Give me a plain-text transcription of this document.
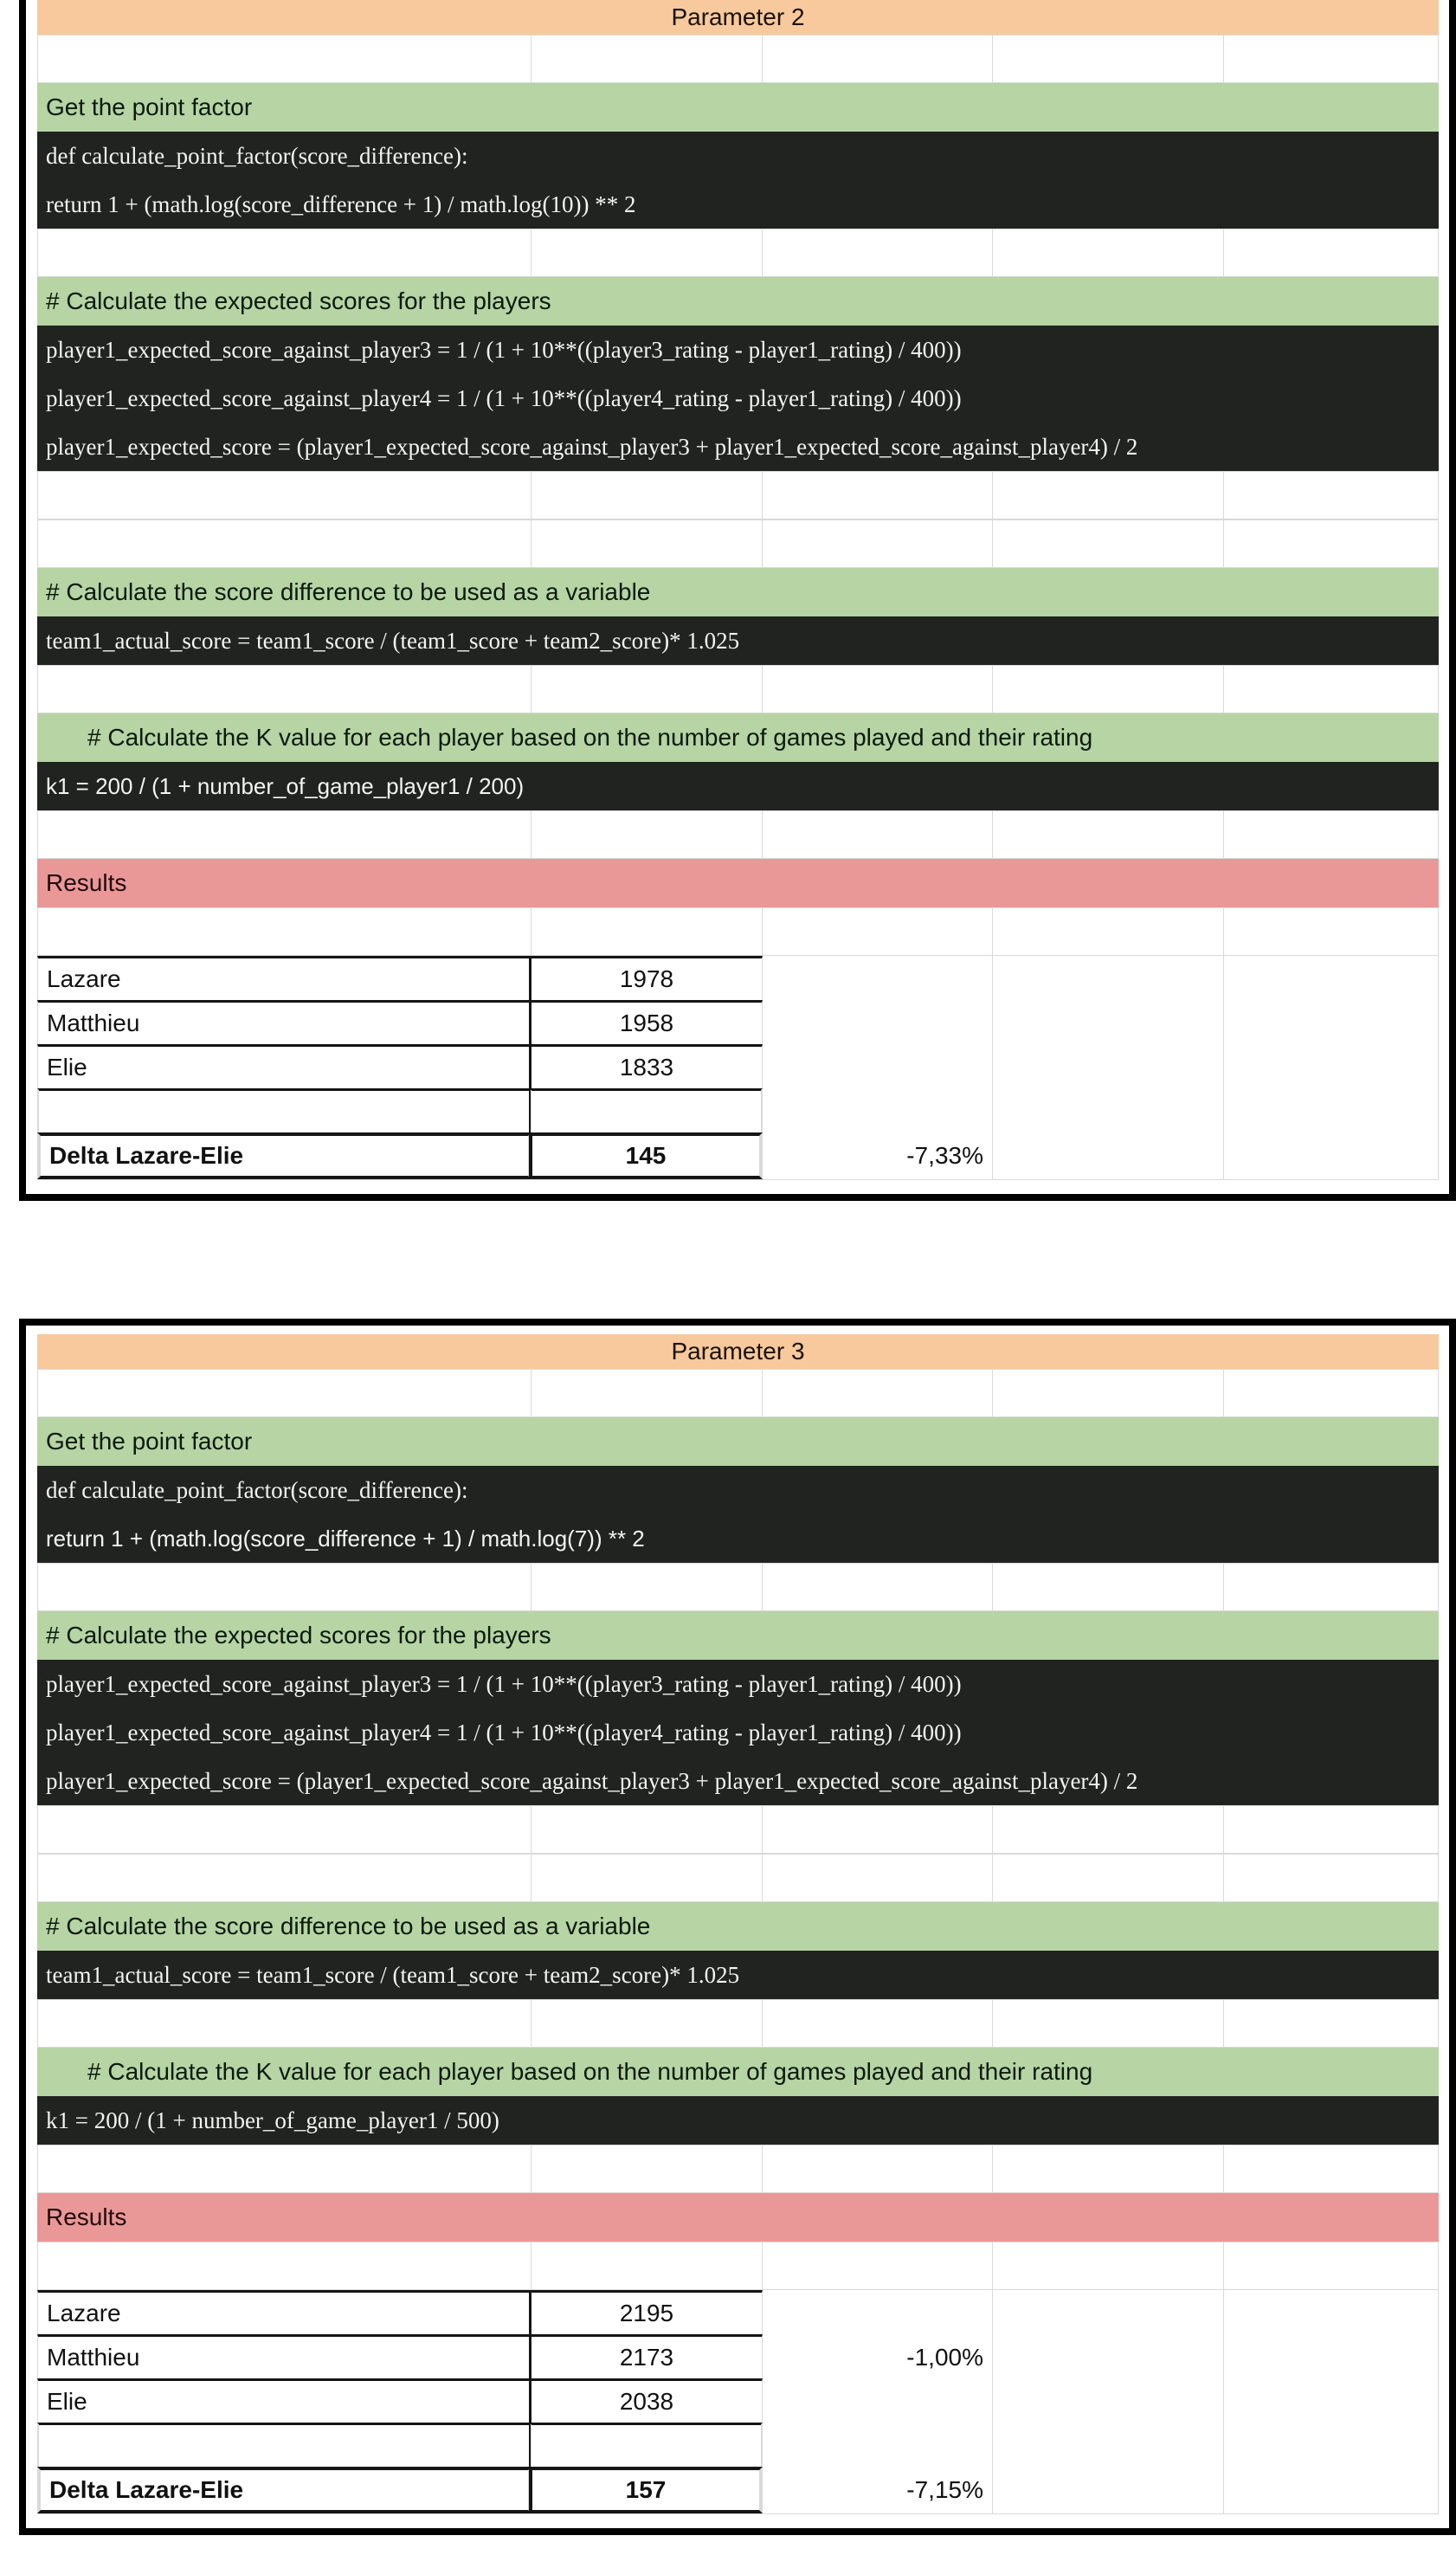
Parameter 2
Get the point factor
def calculate_point_factor(score_difference):
return 1 + (math.log(score_difference + 1) / math.log(10)) ** 2
# Calculate the expected scores for the players
player1_expected_score_against_player3 = 1 / (1 + 10**((player3_rating - player1_rating) / 400))
player1_expected_score_against_player4 = 1 / (1 + 10**((player4_rating - player1_rating) / 400))
player1_expected_score = (player1_expected_score_against_player3 + player1_expected_score_against_player4) / 2
# Calculate the score difference to be used as a variable
team1_actual_score = team1_score / (team1_score + team2_score)* 1.025
# Calculate the K value for each player based on the number of games played and their rating
k1 = 200 / (1 + number_of_game_player1 / 200)
Results
Lazare	1978
Matthieu	1958
Elie	1833
Delta Lazare-Elie	145	-7,33%
Parameter 3
Get the point factor
def calculate_point_factor(score_difference):
return 1 + (math.log(score_difference + 1) / math.log(7)) ** 2
# Calculate the expected scores for the players
player1_expected_score_against_player3 = 1 / (1 + 10**((player3_rating - player1_rating) / 400))
player1_expected_score_against_player4 = 1 / (1 + 10**((player4_rating - player1_rating) / 400))
player1_expected_score = (player1_expected_score_against_player3 + player1_expected_score_against_player4) / 2
# Calculate the score difference to be used as a variable
team1_actual_score = team1_score / (team1_score + team2_score)* 1.025
# Calculate the K value for each player based on the number of games played and their rating
k1 = 200 / (1 + number_of_game_player1 / 500)
Results
Lazare	2195
Matthieu	2173	-1,00%
Elie	2038
Delta Lazare-Elie	157	-7,15%
